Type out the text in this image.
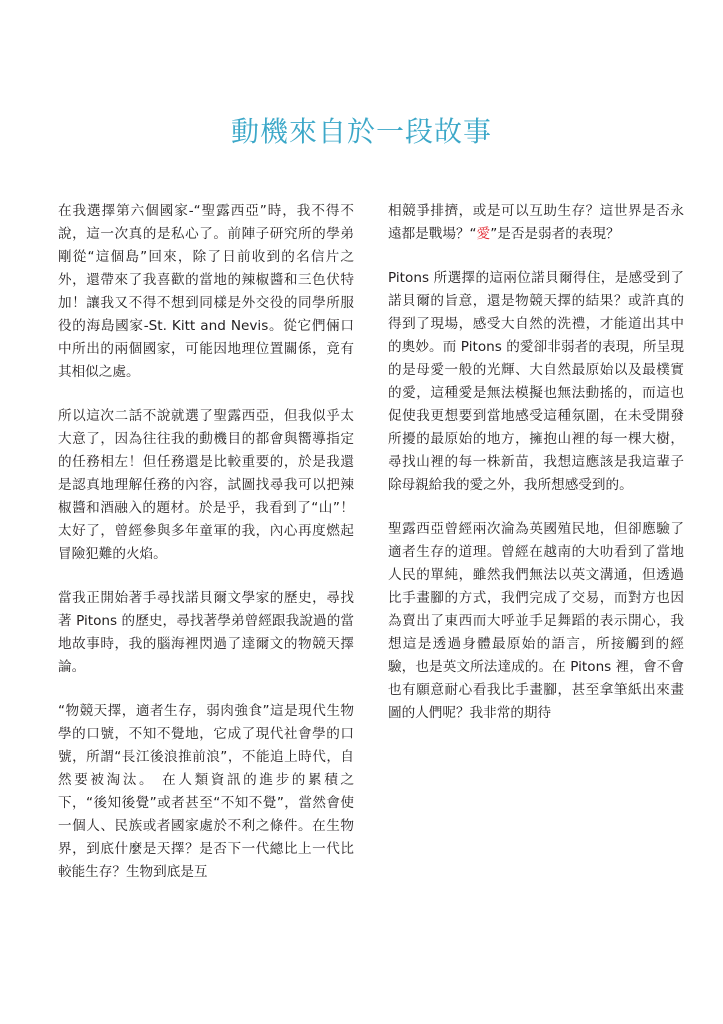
動機來自於一段故事

在我選擇第六個國家-“聖露西亞”時，我不得不說，這一次真的是私心了。前陣子研究所的學弟剛從“這個島”回來，除了日前收到的名信片之外，還帶來了我喜歡的當地的辣椒醬和三色伏特加！讓我又不得不想到同樣是外交役的同學所服役的海島國家-St. Kitt and Nevis。從它們倆口中所出的兩個國家，可能因地理位置關係，竟有其相似之處。

所以這次二話不說就選了聖露西亞，但我似乎太大意了，因為往往我的動機目的都會與嚮導指定的任務相左！但任務還是比較重要的，於是我還是認真地理解任務的內容，試圖找尋我可以把辣椒醬和酒融入的題材。於是乎，我看到了“山”！太好了，曾經參與多年童軍的我，內心再度燃起冒險犯難的火焰。

當我正開始著手尋找諾貝爾文學家的歷史，尋找著 Pitons 的歷史，尋找著學弟曾經跟我說過的當地故事時，我的腦海裡閃過了達爾文的物競天擇論。

“物競天擇，適者生存，弱肉強食”這是現代生物學的口號，不知不覺地，它成了現代社會學的口號，所謂“長江後浪推前浪”，不能追上時代，自然要被淘汰。 在人類資訊的進步的累積之下，“後知後覺”或者甚至“不知不覺”，當然會使一個人、民族或者國家處於不利之條件。在生物界，到底什麼是天擇？是否下一代總比上一代比較能生存？生物到底是互

相競爭排擠，或是可以互助生存？這世界是否永遠都是戰場？“愛”是否是弱者的表現？

Pitons 所選擇的這兩位諾貝爾得住，是感受到了諾貝爾的旨意，還是物競天擇的結果？或許真的得到了現場，感受大自然的洗禮，才能道出其中的奧妙。而 Pitons 的愛卻非弱者的表現，所呈現的是母愛一般的光輝、大自然最原始以及最樸實的愛，這種愛是無法模擬也無法動搖的，而這也促使我更想要到當地感受這種氛圍，在未受開發所擾的最原始的地方，擁抱山裡的每一棵大樹，尋找山裡的每一株新苗，我想這應該是我這輩子除母親給我的愛之外，我所想感受到的。

聖露西亞曾經兩次淪為英國殖民地，但卻應驗了適者生存的道理。曾經在越南的大叻看到了當地人民的單純，雖然我們無法以英文溝通，但透過比手畫腳的方式，我們完成了交易，而對方也因為賣出了東西而大呼並手足舞蹈的表示開心，我想這是透過身體最原始的語言，所接觸到的經驗，也是英文所法達成的。在 Pitons 裡，會不會也有願意耐心看我比手畫腳，甚至拿筆紙出來畫圖的人們呢？我非常的期待
